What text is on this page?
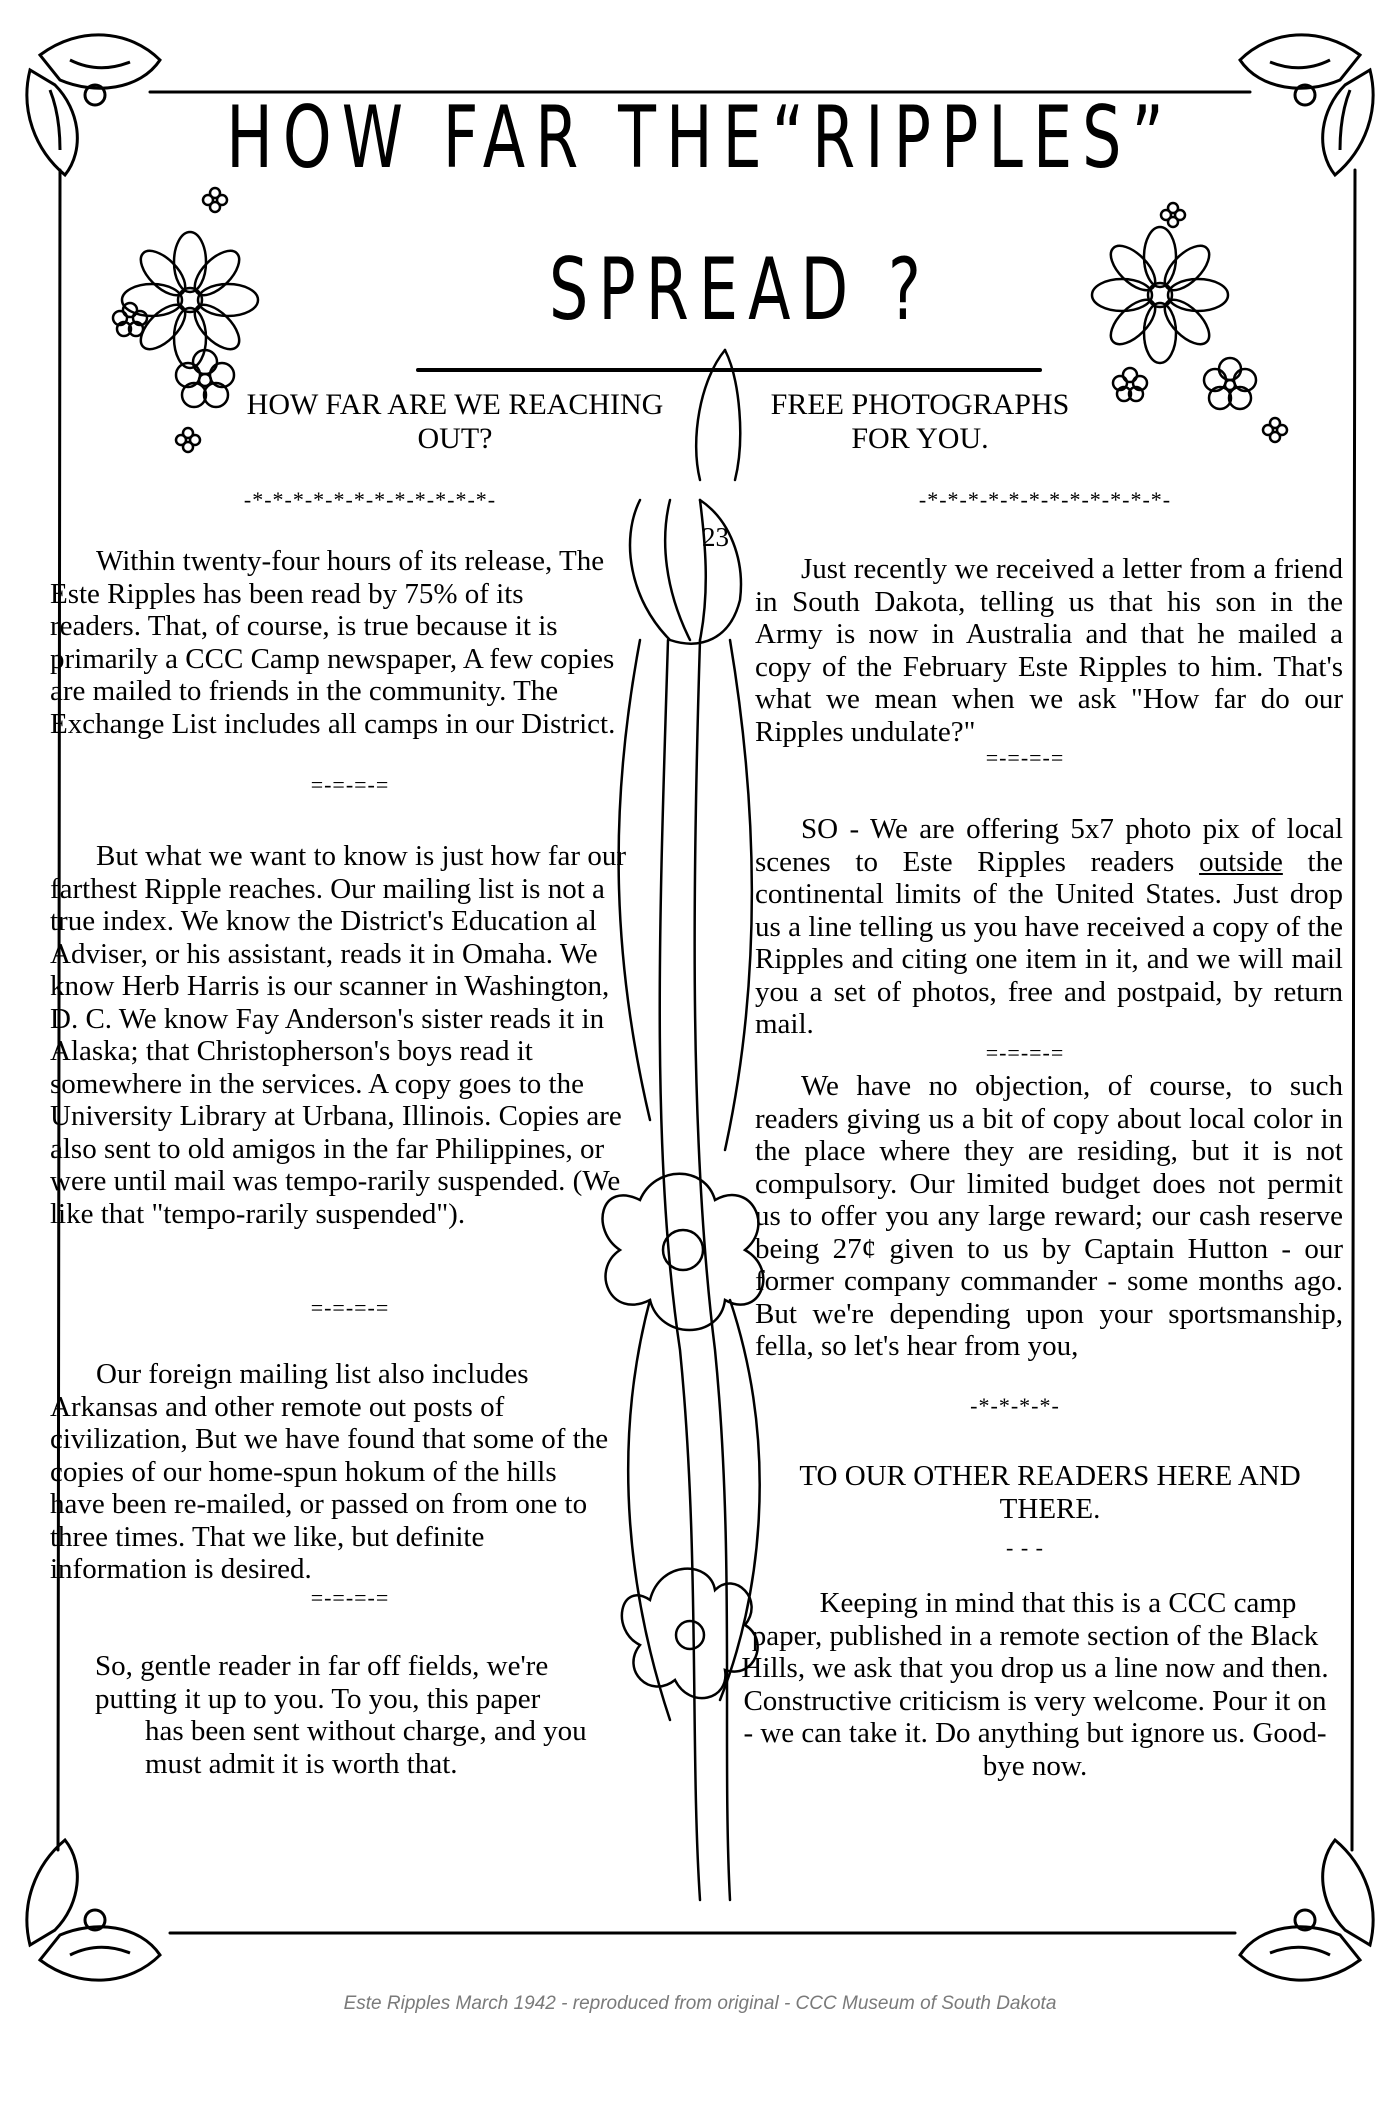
HOW FAR THE“RIPPLES”
SPREAD ?
23
HOW FAR ARE WE REACHING OUT?
-*-*-*-*-*-*-*-*-*-*-*-*-

Within twenty-four hours of its release, The Este Ripples has been read by 75% of its readers. That, of course, is true because it is primarily a CCC Camp newspaper, A few copies are mailed to friends in the community. The Exchange List includes all camps in our District.

=-=-=-=

But what we want to know is just how far our farthest Ripple reaches. Our mailing list is not a true index. We know the District's Education al Adviser, or his assistant, reads it in Omaha. We know Herb Harris is our scanner in Washington, D. C. We know Fay Anderson's sister reads it in Alaska; that Christopherson's boys read it somewhere in the services. A copy goes to the University Library at Urbana, Illinois. Copies are also sent to old amigos in the far Philippines, or were until mail was tempo-rarily suspended. (We like that "tempo-rarily suspended").

=-=-=-=

Our foreign mailing list also includes Arkansas and other remote out posts of civilization, But we have found that some of the copies of our home-spun hokum of the hills have been re-mailed, or passed on from one to three times. That we like, but definite information is desired.

=-=-=-=

So, gentle reader in far off fields, we're putting it up to you. To you, this paper

has been sent without charge, and you must admit it is worth that.

FREE PHOTOGRAPHS FOR YOU.
-*-*-*-*-*-*-*-*-*-*-*-*-

Just recently we received a letter from a friend in South Dakota, telling us that his son in the Army is now in Australia and that he mailed a copy of the February Este Ripples to him. That's what we mean when we ask "How far do our Ripples undulate?"

=-=-=-=

SO - We are offering 5x7 photo pix of local scenes to Este Ripples readers outside the continental limits of the United States. Just drop us a line telling us you have received a copy of the Ripples and citing one item in it, and we will mail you a set of photos, free and postpaid, by return mail.

=-=-=-=

We have no objection, of course, to such readers giving us a bit of copy about local color in the place where they are residing, but it is not compulsory. Our limited budget does not permit us to offer you any large reward; our cash reserve being 27¢ given to us by Captain Hutton - our former company commander - some months ago. But we're depending upon your sportsmanship, fella, so let's hear from you,

-*-*-*-*-
TO OUR OTHER READERS HERE AND THERE.
- - -

Keeping in mind that this is a CCC camp paper, published in a remote section of the Black Hills, we ask that you drop us a line now and then. Constructive criticism is very welcome. Pour it on - we can take it. Do anything but ignore us. Good-bye now.

Este Ripples March 1942 - reproduced from original - CCC Museum of South Dakota
